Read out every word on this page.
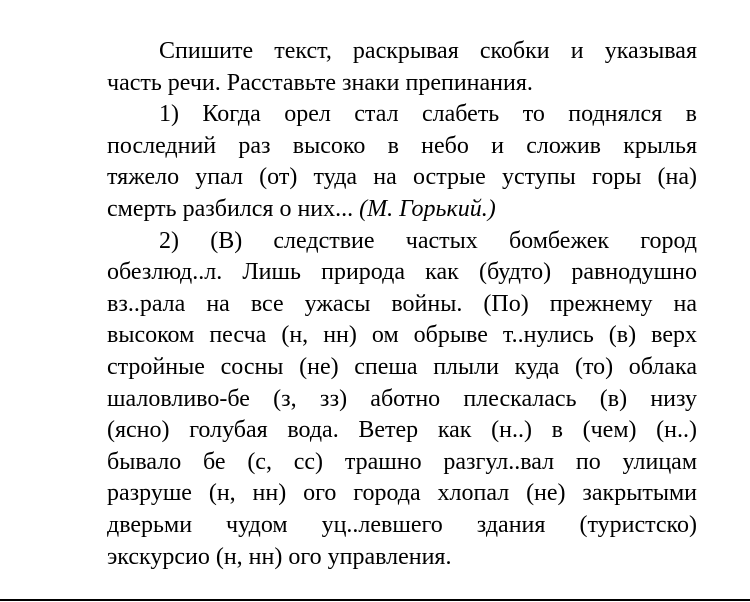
Спишите текст, раскрывая скобки и указывая
часть речи. Расставьте знаки препинания.
1) Когда орел стал слабеть то поднялся в
последний раз высоко в небо и сложив крылья
тяжело упал (от) туда на острые уступы горы (на)
смерть разбился о них... (М. Горький.)
2) (В) следствие частых бомбежек город
обезлюд..л. Лишь природа как (будто) равнодушно
вз..рала на все ужасы войны. (По) прежнему на
высоком песча (н, нн) ом обрыве т..нулись (в) верх
стройные сосны (не) спеша плыли куда (то) облака
шаловливо-бе (з, зз) аботно плескалась (в) низу
(ясно) голубая вода. Ветер как (н..) в (чем) (н..)
бывало бе (с, сс) трашно разгул..вал по улицам
разруше (н, нн) ого города хлопал (не) закрытыми
дверьми чудом уц..левшего здания (туристско)
экскурсио (н, нн) ого управления.
